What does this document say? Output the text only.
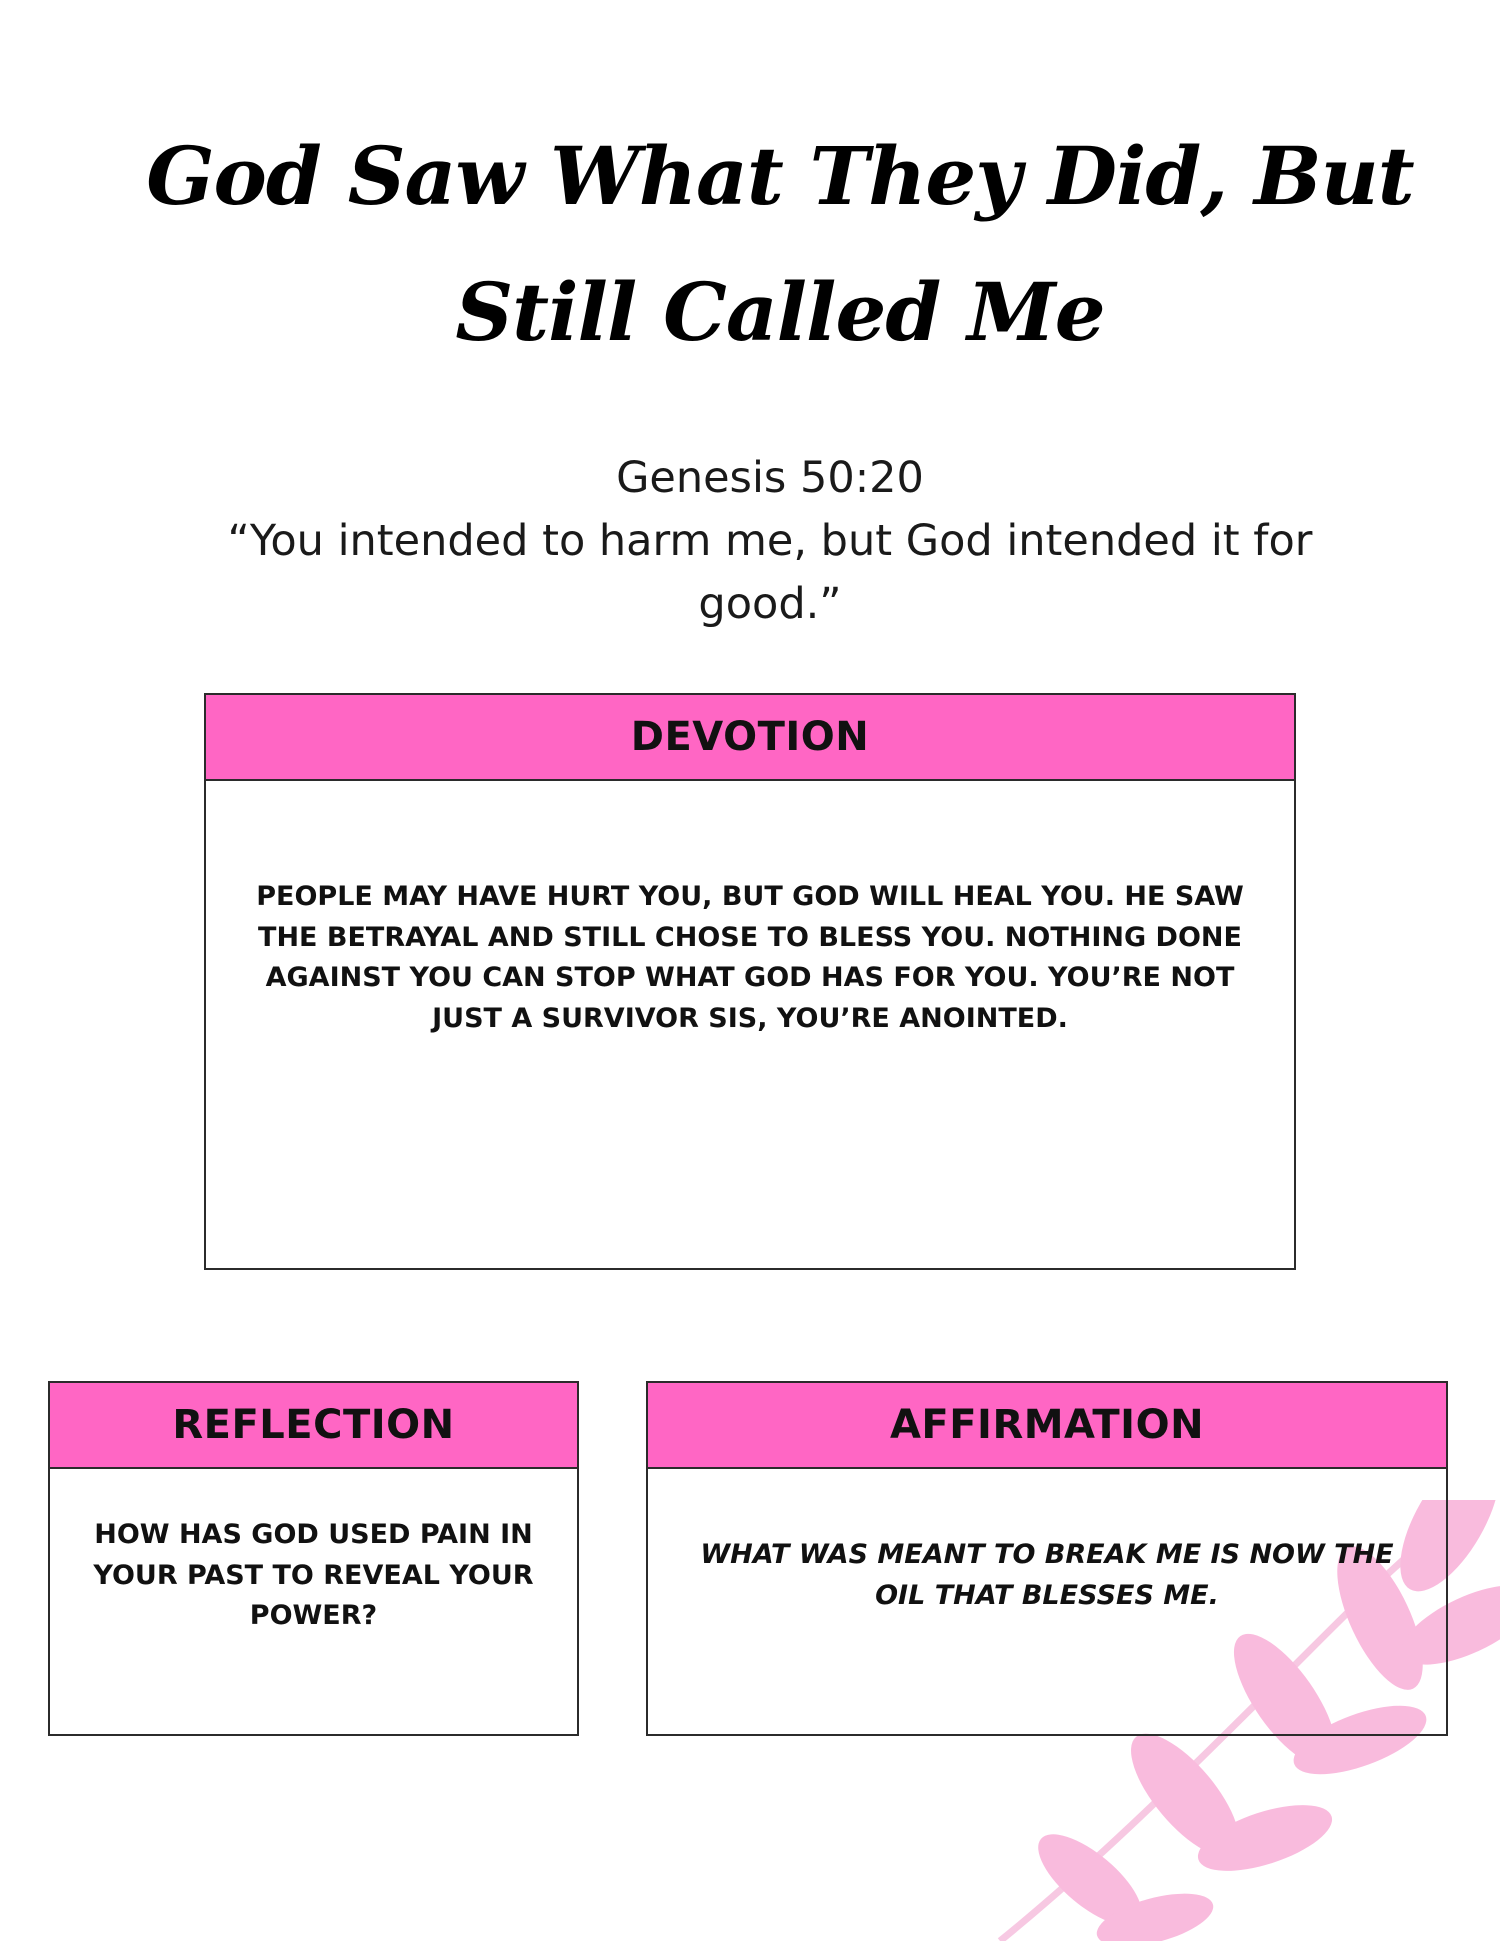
God Saw What They Did, But Still Called Me
Genesis 50:20
“You intended to harm me, but God intended it for
good.”
DEVOTION
PEOPLE MAY HAVE HURT YOU, BUT GOD WILL HEAL YOU. HE SAW THE BETRAYAL AND STILL CHOSE TO BLESS YOU. NOTHING DONE AGAINST YOU CAN STOP WHAT GOD HAS FOR YOU. YOU’RE NOT JUST A SURVIVOR SIS, YOU’RE ANOINTED.
REFLECTION
HOW HAS GOD USED PAIN IN YOUR PAST TO REVEAL YOUR POWER?
AFFIRMATION
WHAT WAS MEANT TO BREAK ME IS NOW THE OIL THAT BLESSES ME.
